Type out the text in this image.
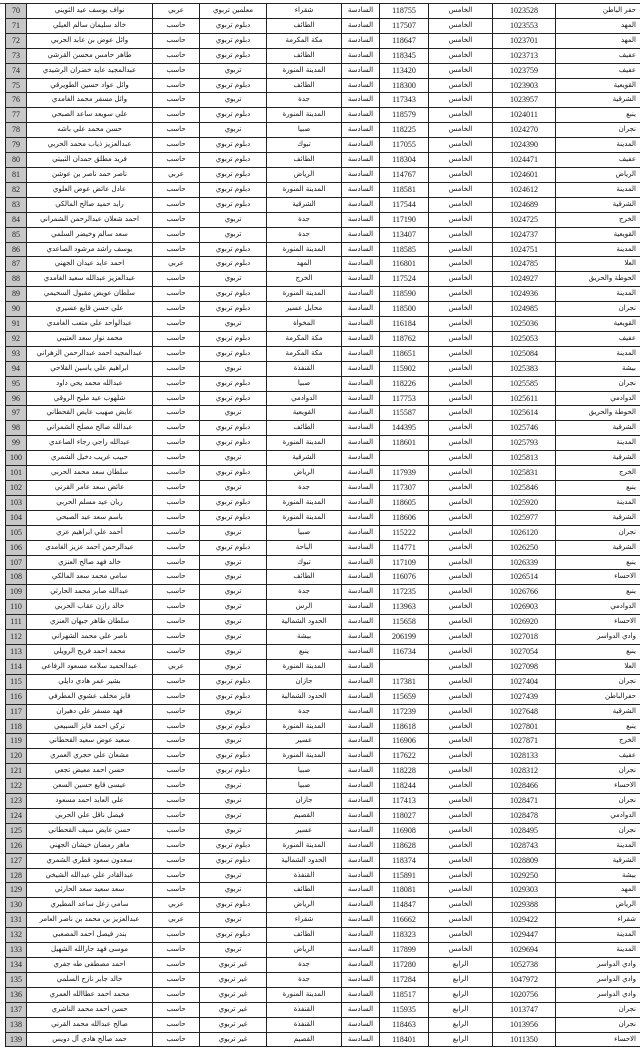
70	نواف يوسف عيد الثويني	عربي	معلمين تربوي	شقراء	السادسة	118755	الخامس	1023528	حفر الباطن
71	خالد سليمان سالم العيلي	حاسب	دبلوم تربوي	الطائف	السادسة	117507	الخامس	1023553	المهد
72	وائل عوض بن عابد الحربي	حاسب	دبلوم تربوي	مكة المكرمة	السادسة	118647	الخامس	1023701	المهد
73	طاهر حامس محسن القرشي	حاسب	دبلوم تربوي	الطائف	السادسة	118345	الخامس	1023713	عفيف
74	عبدالمجيد عايد خضران الرشيدي	حاسب	تربوي	المدينة المنورة	السادسة	113420	الخامس	1023759	عفيف
75	وائل عواد حسين الطويرقي	حاسب	دبلوم تربوي	الطائف	السادسة	118300	الخامس	1023903	القويعية
76	وائل مسفر محمد الغامدي	حاسب	تربوي	جدة	السادسة	117343	الخامس	1023957	الشرقية
77	علي سويعد ساعد الصبحي	حاسب	دبلوم تربوي	المدينة المنورة	السادسة	118579	الخامس	1024011	ينبع
78	حسن محمد علي باشه	حاسب	تربوي	صبيا	السادسة	118225	الخامس	1024270	نجران
79	عبدالعزيز ذياب محمد الحربي	حاسب	دبلوم تربوي	تبوك	السادسة	117055	الخامس	1024390	المدينة
80	فريد مطلق حمدان الثبيتي	حاسب	دبلوم تربوي	الطائف	السادسة	118304	الخامس	1024471	عفيف
81	ناصر حمد ناصر بن عوشن	عربي	دبلوم تربوي	الرياض	السادسة	114767	الخامس	1024601	الرياض
82	عادل عائض عوض العلوي	حاسب	دبلوم تربوي	المدينة المنورة	السادسة	118581	الخامس	1024612	المدينة
83	رايد حميد صالح المالكي	حاسب	دبلوم تربوي	الشرقية	السادسة	117544	الخامس	1024689	الشرقية
84	احمد شعلان عبدالرحمن الشمراني	حاسب	تربوي	جدة	السادسة	117190	الخامس	1024725	الخرج
85	سعد سالم وخيضر السلمي	حاسب	تربوي	جدة	السادسة	113407	الخامس	1024737	القويعية
86	يوسف راشد مرشود الصاعدي	حاسب	دبلوم تربوي	المدينة المنورة	السادسة	118585	الخامس	1024751	المدينة
87	احمد عايد عيدان الجهني	عربي	دبلوم تربوي	المهد	السادسة	116801	الخامس	1024785	العلا
88	عبدالعزيز عبدالله سعيد الغامدي	حاسب	تربوي	الخرج	السادسة	117524	الخامس	1024927	الحوطة والحريق
89	سلطان عويض مقبول السحيمي	حاسب	دبلوم تربوي	المدينة المنورة	السادسة	118590	الخامس	1024936	المدينة
90	علي حسن قايع عسيري	حاسب	دبلوم تربوي	محايل عسير	السادسة	118500	الخامس	1024985	نجران
91	عبدالواحد علي متعب الغامدي	حاسب	تربوي	المخواة	السادسة	116184	الخامس	1025036	القويعية
92	محمد نوار سعد العتيبي	حاسب	دبلوم تربوي	مكة المكرمة	السادسة	118762	الخامس	1025053	عفيف
93	عبدالمجيد احمد عبدالرحمن الزهراني	حاسب	دبلوم تربوي	مكة المكرمة	السادسة	118651	الخامس	1025084	المدينة
94	ابراهيم علي ياسين القلاحي	حاسب	تربوي	القنفذة	السادسة	115902	الخامس	1025383	بيشة
95	عبدالله محمد يحي داود	حاسب	دبلوم تربوي	صبيا	السادسة	118226	الخامس	1025585	نجران
96	شلهوب عيد مليح الروقي	حاسب	دبلوم تربوي	الدوادمي	السادسة	117753	الخامس	1025611	الدوادمي
97	عايض صهيب عايض القحطاني	حاسب	تربوي	القويعية	السادسة	115587	الخامس	1025614	الحوطة والحريق
98	عبدالله صالح مصلح الشمراني	حاسب	دبلوم تربوي	الطائف	السادسة	144395	الخامس	1025746	الشرقية
99	عبدالله راجي رجاء الصاعدي	حاسب	دبلوم تربوي	المدينة المنورة	السادسة	118601	الخامس	1025793	المدينة
100	حبيب غريب دخيل الشمري	حاسب	تربوي	الشرقية	السادسة		الخامس	1025813	الشرقية
101	سلطان سعد محمد الحربي	حاسب	دبلوم تربوي	الرياض	السادسة	117939	الخامس	1025831	الخرج
102	عائض سعد عامر القرني	حاسب	تربوي	جدة	السادسة	117307	الخامس	1025846	ينبع
103	ريان عيد مسلم الحربي	حاسب	دبلوم تربوي	المدينة المنورة	السادسة	118605	الخامس	1025920	المدينة
104	باسم سعد عيد الصبحي	حاسب	دبلوم تربوي	المدينة المنورة	السادسة	118606	الخامس	1025977	الشرقية
105	أحمد علي ابراهيم عزي	حاسب	تربوي	صبيا	السادسة	115222	الخامس	1026120	نجران
106	عبدالرحمن احمد عزيز الغامدي	حاسب	دبلوم تربوي	الباحة	السادسة	114771	الخامس	1026250	الشرقية
107	خالد فهد صالح العنزي	حاسب	تربوي	تبوك	السادسة	117109	الخامس	1026339	ينبع
108	سامي محمد سعد المالكي	حاسب	تربوي	الطائف	السادسة	116076	الخامس	1026514	الاحساء
109	عبدالله صابر محمد الحارثي	حاسب	تربوي	جدة	السادسة	117235	الخامس	1026766	ينبع
110	خالد رازن عقاب الحربي	حاسب	تربوي	الرس	السادسة	113963	الخامس	1026903	الدوادمي
111	سلطان ظاهر جبهان العنزي	حاسب	تربوي	الحدود الشمالية	السادسة	115658	الخامس	1026920	الاحساء
112	ناصر علي محمد الشهراني	حاسب	تربوي	بيشة	السادسة	206199	الخامس	1027018	وادي الدواسر
113	محمد احمد فريح الرويلي	حاسب	تربوي	ينبع	السادسة	116734	الخامس	1027054	ينبع
114	عبدالحميد سلامه مسعود الرفاعي	عربي	تربوي	المدينة المنورة	السادسة		الخامس	1027098	العلا
115	بشير عمر هادي دايلي	حاسب	دبلوم تربوي	جازان	السادسة	117381	الخامس	1027404	نجران
116	فايز مخلف عشوي المطرفي	حاسب	دبلوم تربوي	الحدود الشمالية	السادسة	115659	الخامس	1027439	حفرالباطن
117	فهد مسفر علي دهيران	حاسب	تربوي	جدة	السادسة	117239	الخامس	1027648	الشرقية
118	تركي احمد فايز السبيعي	حاسب	دبلوم تربوي	المدينة المنورة	السادسة	118618	الخامس	1027801	ينبع
119	سعيد عوض سعيد القحطاني	حاسب	تربوي	عسير	السادسة	116906	الخامس	1027871	الخرج
120	مشعان علي حجري العمري	حاسب	دبلوم تربوي	المدينة المنورة	السادسة	117622	الخامس	1028133	عفيف
121	حسن احمد معيض تجعي	حاسب	دبلوم تربوي	صبيا	السادسة	118228	الخامس	1028312	نجران
122	عيسى قايع حسين السعن	حاسب	تربوي	صبيا	السادسة	118244	الخامس	1028466	الاحساء
123	علي العابد احمد مسعود	حاسب	تربوي	جازان	السادسة	117413	الخامس	1028471	نجران
124	فيصل ناقل علي الحربي	حاسب	تربوي	القصيم	السادسة	118027	الخامس	1028478	الدوادمي
125	حسن عايض سيف القحطاني	حاسب	تربوي	عسير	السادسة	116908	الخامس	1028495	نجران
126	ماهر رمضان خيشان الجهني	حاسب	دبلوم تربوي	المدينة المنورة	السادسة	118628	الخامس	1028743	المدينة
127	سعدون سعود قطري الشمري	حاسب	دبلوم تربوي	الحدود الشمالية	السادسة	118374	الخامس	1028809	الشرقية
128	عبدالقادر علي عبدالله الشيخي	حاسب	تربوي	القنفذة	السادسة	115891	الخامس	1029250	بيشة
129	سعد سعيد سعد الحارثي	حاسب	تربوي	الطائف	السادسة	118081	الخامس	1029303	المهد
130	سامي زعل ساعد المطيري	عربي	دبلوم تربوي	الرياض	السادسة	114847	الخامس	1029388	الرياض
131	عبدالعزيز بن محمد بن ناصر العامر	عربي	تربوي	شقراء	السادسة	116662	الخامس	1029422	شقراء
132	بندر فيصل احمد المصعبي	حاسب	دبلوم تربوي	الطائف	السادسة	118323	الخامس	1029447	المدينة
133	موسى فهد جارالله الشهيل	حاسب	تربوي	الرياض	السادسة	117899	الخامس	1029694	المدينة
134	احمد مصطفى طه جفري	حاسب	غير تربوي	جدة	السادسة	117280	الرابع	1052738	وادي الدواسر
135	خالد جابر نازح السلمي	حاسب	غير تربوي	جدة	السادسة	117284	الرابع	1047972	وادي الدواسر
136	محمد احمد عطاالله العمري	حاسب	غير تربوي	المدينة المنورة	السادسة	118517	الرابع	1020756	وادي الدواسر
137	حسن احمد محمد الناشري	حاسب	غير تربوي	القنفذة	السادسة	115935	الرابع	1013747	نجران
138	صالح عبدالله محمد القرني	حاسب	غير تربوي	القنفذة	السادسة	118463	الرابع	1013956	نجران
139	حمد صالح هادي آل دويس	حاسب	غير تربوي	القصيم	السادسة	118401	الرابع	1011350	الاحساء
